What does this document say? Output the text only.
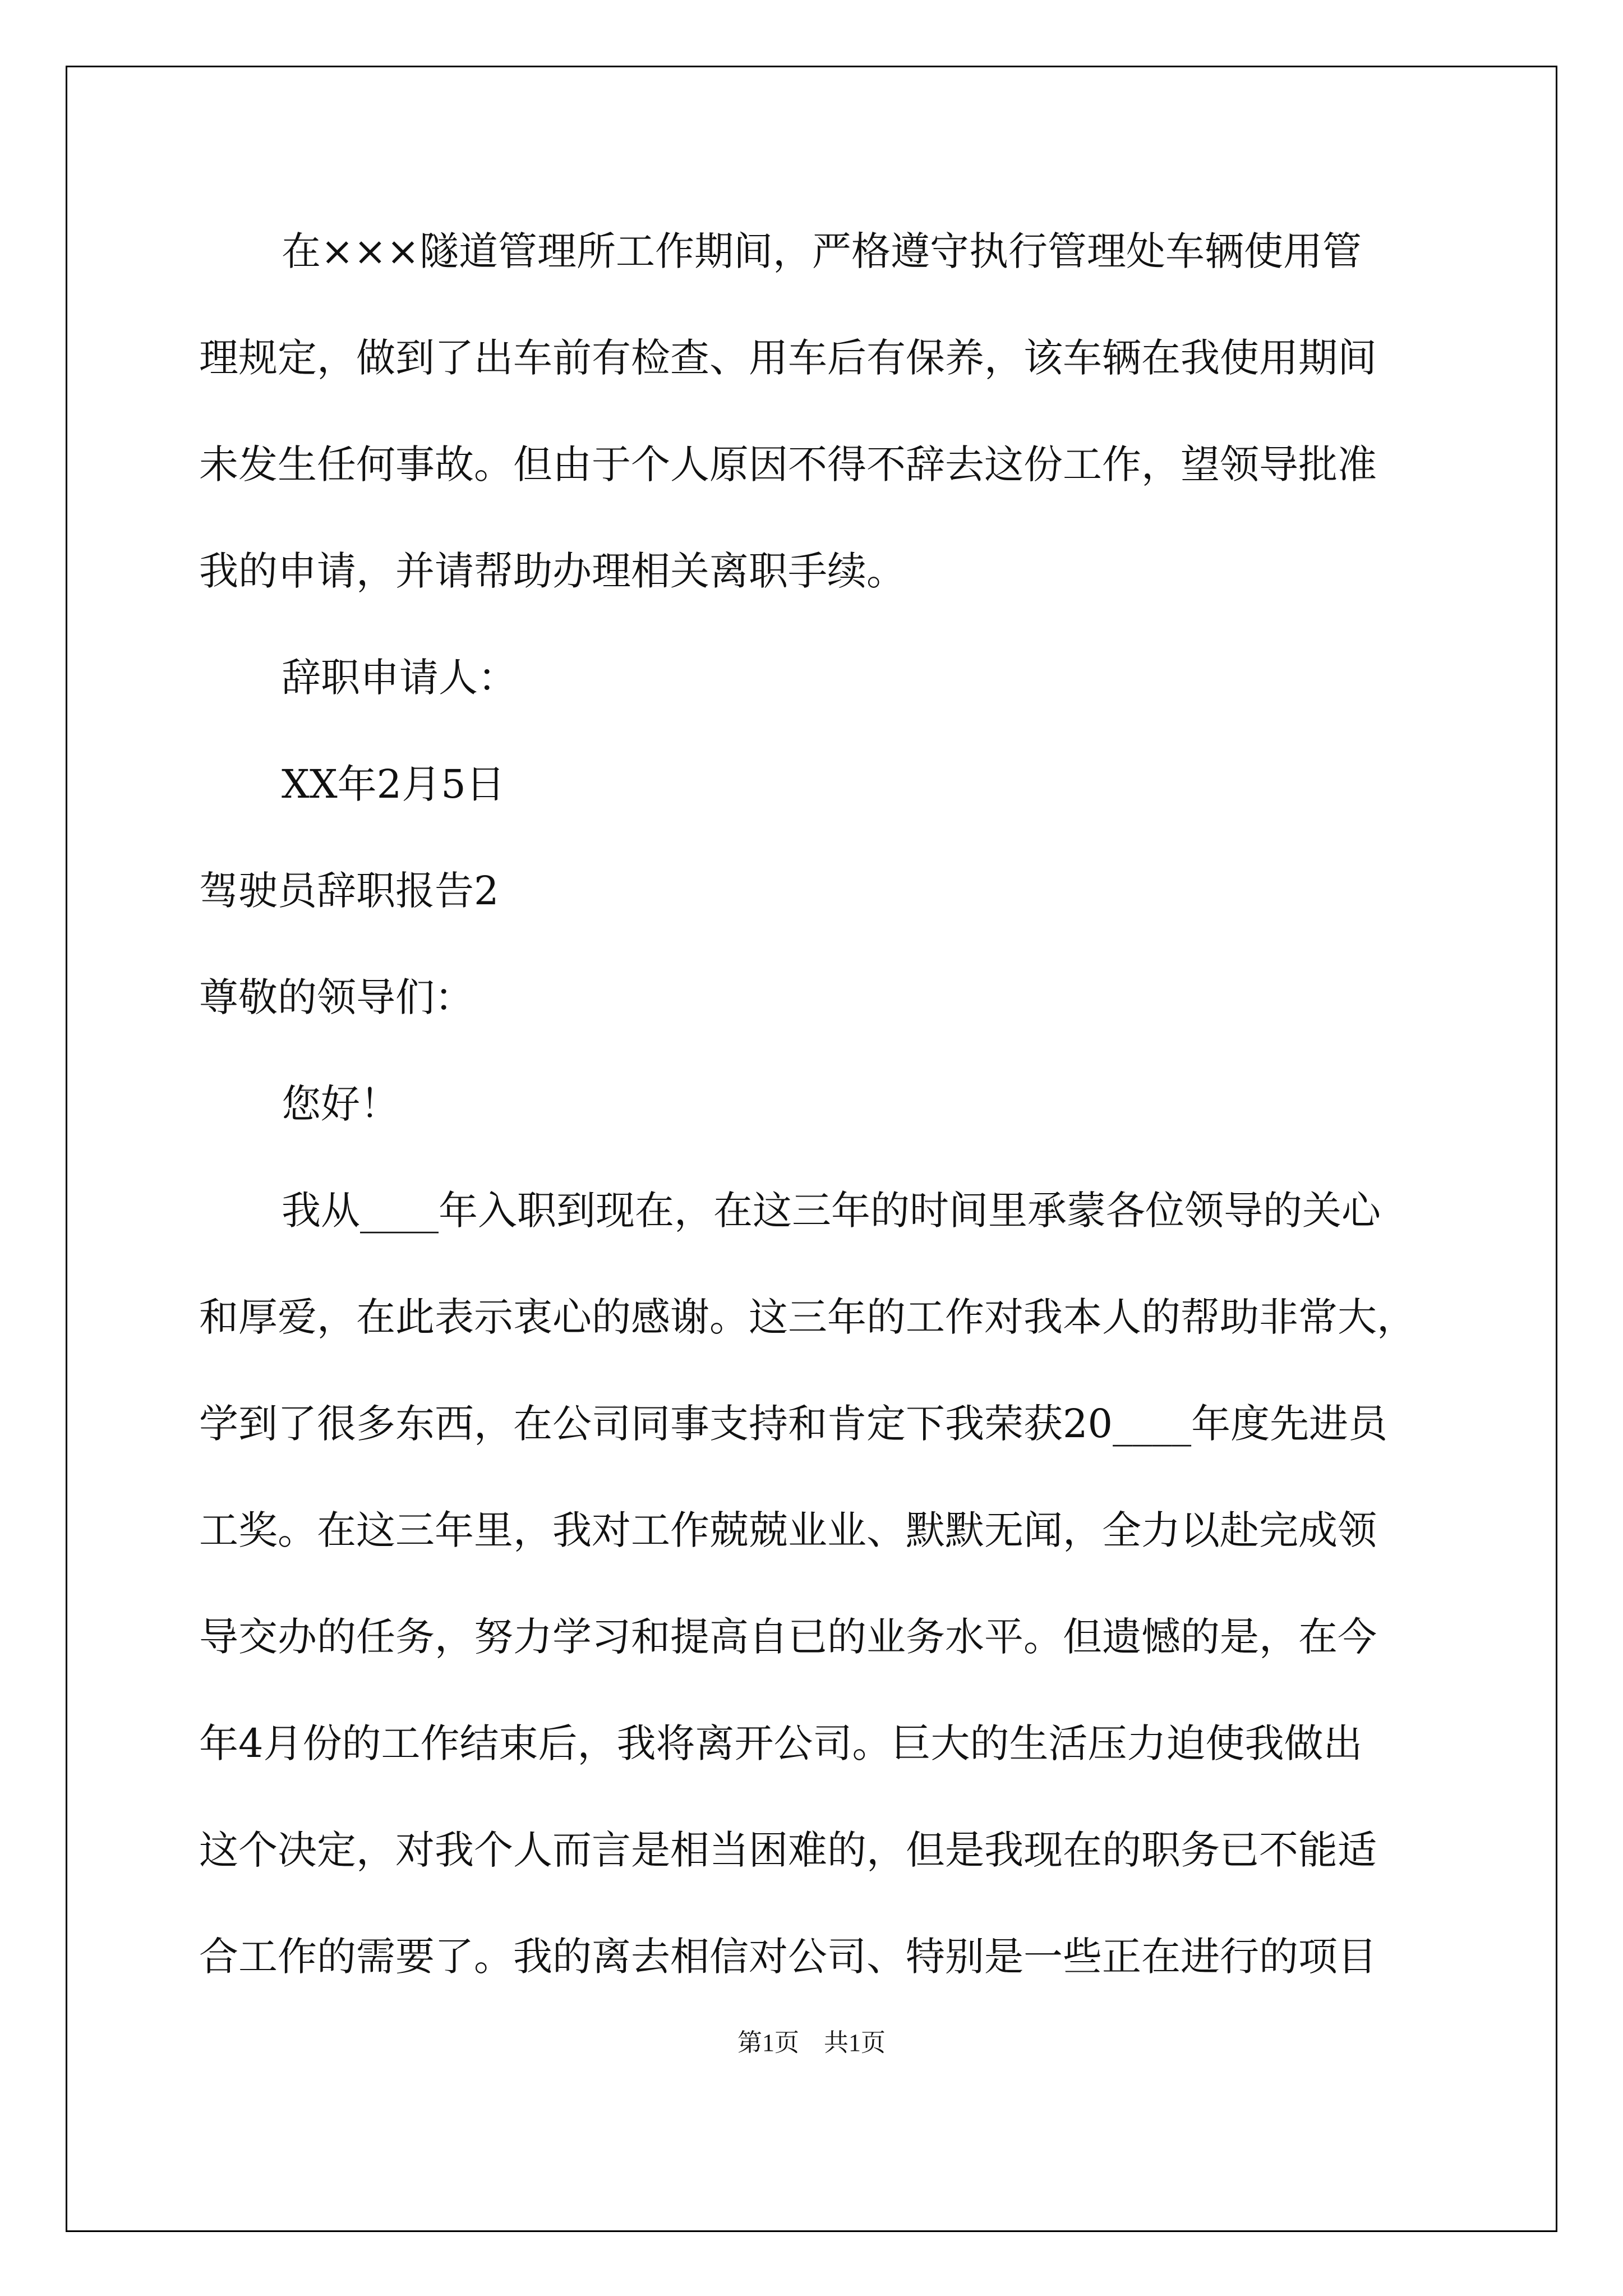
在×××隧道管理所工作期间，严格遵守执行管理处车辆使用管
理规定，做到了出车前有检查、用车后有保养，该车辆在我使用期间
未发生任何事故。但由于个人原因不得不辞去这份工作，望领导批准
我的申请，并请帮助办理相关离职手续。
辞职申请人：
XX年2月5日
驾驶员辞职报告2
尊敬的领导们：
您好！
我从____年入职到现在，在这三年的时间里承蒙各位领导的关心
和厚爱，在此表示衷心的感谢。这三年的工作对我本人的帮助非常大，
学到了很多东西，在公司同事支持和肯定下我荣获20____年度先进员
工奖。在这三年里，我对工作兢兢业业、默默无闻，全力以赴完成领
导交办的任务，努力学习和提高自已的业务水平。但遗憾的是，在今
年4月份的工作结束后，我将离开公司。巨大的生活压力迫使我做出
这个决定，对我个人而言是相当困难的，但是我现在的职务已不能适
合工作的需要了。我的离去相信对公司、特别是一些正在进行的项目
第1页　共1页
